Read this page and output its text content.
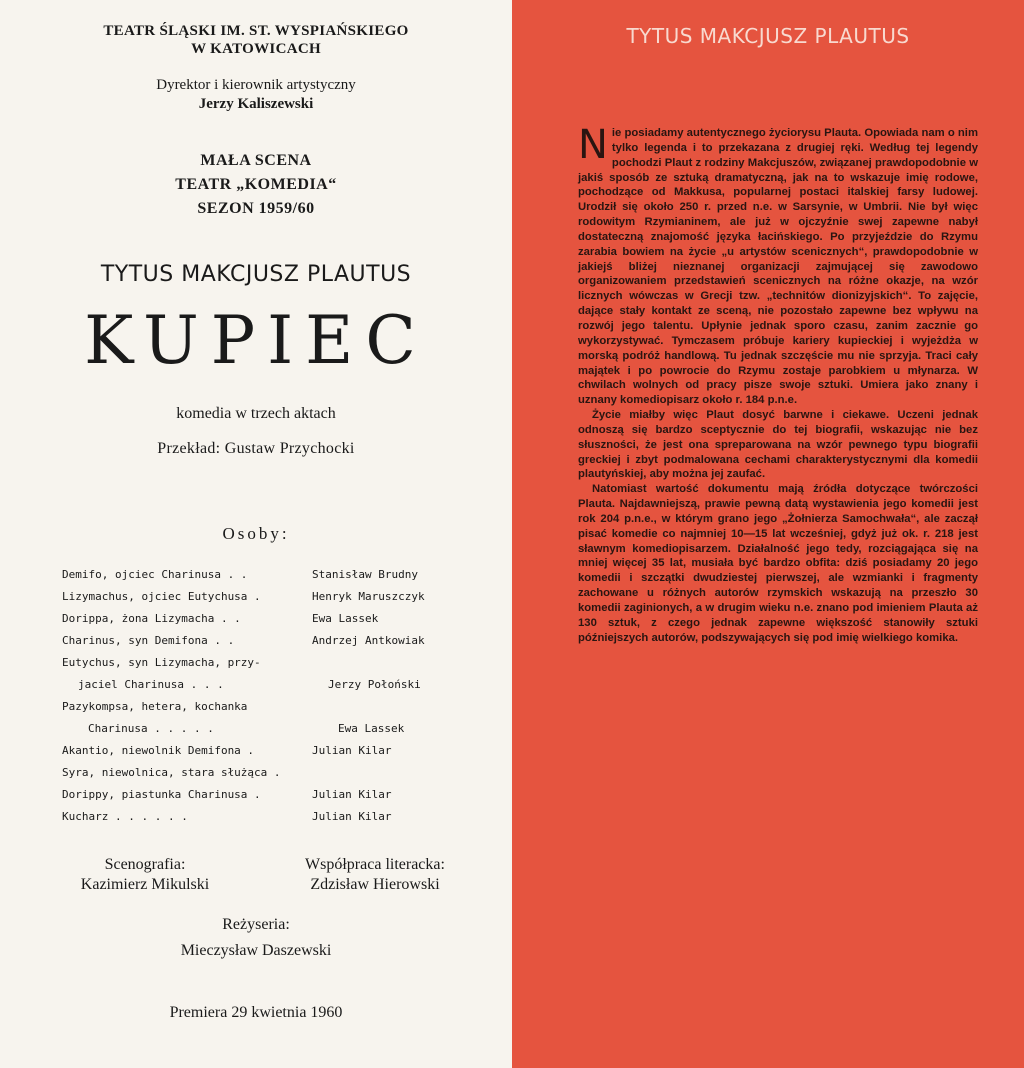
TEATR ŚLĄSKI IM. ST. WYSPIAŃSKIEGO
W KATOWICACH
Dyrektor i kierownik artystyczny
Jerzy Kaliszewski
MAŁA SCENA
TEATR „KOMEDIA“
SEZON 1959/60
TYTUS MAKCJUSZ PLAUTUS
KUPIEC
komedia w trzech aktach
Przekład: Gustaw Przychocki
Osoby:
Demifo, ojciec Charinusa . .	Stanisław Brudny
Lizymachus, ojciec Eutychusa .	Henryk Maruszczyk
Dorippa, żona Lizymacha . .	Ewa Lassek
Charinus, syn Demifona . .	Andrzej Antkowiak
Eutychus, syn Lizymacha, przy-
jaciel Charinusa . . .	Jerzy Połoński
Pazykompsa, hetera, kochanka
Charinusa . . . . .	Ewa Lassek
Akantio, niewolnik Demifona .	Julian Kilar
Syra, niewolnica, stara służąca .
Dorippy, piastunka Charinusa .	Julian Kilar
Kucharz . . . . . .	Julian Kilar
Scenografia:
Kazimierz Mikulski
Współpraca literacka:
Zdzisław Hierowski
Reżyseria:
Mieczysław Daszewski
Premiera 29 kwietnia 1960
TYTUS MAKCJUSZ PLAUTUS

Nie posiadamy autentycznego życiorysu Plauta. Opowiada nam o nim tylko legenda i to przekazana z drugiej ręki. Według tej legendy pochodzi Plaut z rodziny Makcjuszów, związanej prawdopodobnie w jakiś sposób ze sztuką dramatyczną, jak na to wskazuje imię rodowe, pochodzące od Makkusa, popularnej postaci italskiej farsy ludowej. Urodził się około 250 r. przed n.e. w Sarsynie, w Umbrii. Nie był więc rodowitym Rzymianinem, ale już w ojczyźnie swej zapewne nabył dostateczną znajomość języka łacińskiego. Po przyjeździe do Rzymu zarabia bowiem na życie „u artystów scenicznych“, prawdopodobnie w jakiejś bliżej nieznanej organizacji zajmującej się zawodowo organizowaniem przedstawień scenicznych na różne okazje, na wzór licznych wówczas w Grecji tzw. „technitów dionizyjskich“. To zajęcie, dające stały kontakt ze sceną, nie pozostało zapewne bez wpływu na rozwój jego talentu. Upłynie jednak sporo czasu, zanim zacznie go wykorzystywać. Tymczasem próbuje kariery kupieckiej i wyjeżdża w morską podróż handlową. Tu jednak szczęście mu nie sprzyja. Traci cały majątek i po powrocie do Rzymu zostaje parobkiem u młynarza. W chwilach wolnych od pracy pisze swoje sztuki. Umiera jako znany i uznany komediopisarz około r. 184 p.n.e.

Życie miałby więc Plaut dosyć barwne i ciekawe. Uczeni jednak odnoszą się bardzo sceptycznie do tej biografii, wskazując nie bez słuszności, że jest ona spreparowana na wzór pewnego typu biografii greckiej i zbyt podmalowana cechami charakterystycznymi dla komedii plautyńskiej, aby można jej zaufać.

Natomiast wartość dokumentu mają źródła dotyczące twórczości Plauta. Najdawniejszą, prawie pewną datą wystawienia jego komedii jest rok 204 p.n.e., w którym grano jego „Żołnierza Samochwała“, ale zaczął pisać komedie co najmniej 10—15 lat wcześniej, gdyż już ok. r. 218 jest sławnym komediopisarzem. Działalność jego tedy, rozciągająca się na mniej więcej 35 lat, musiała być bardzo obfita: dziś posiadamy 20 jego komedii i szczątki dwudziestej pierwszej, ale wzmianki i fragmenty zachowane u różnych autorów rzymskich wskazują na przeszło 30 komedii zaginionych, a w drugim wieku n.e. znano pod imieniem Plauta aż 130 sztuk, z czego jednak zapewne większość stanowiły sztuki późniejszych autorów, podszywających się pod imię wielkiego komika.
